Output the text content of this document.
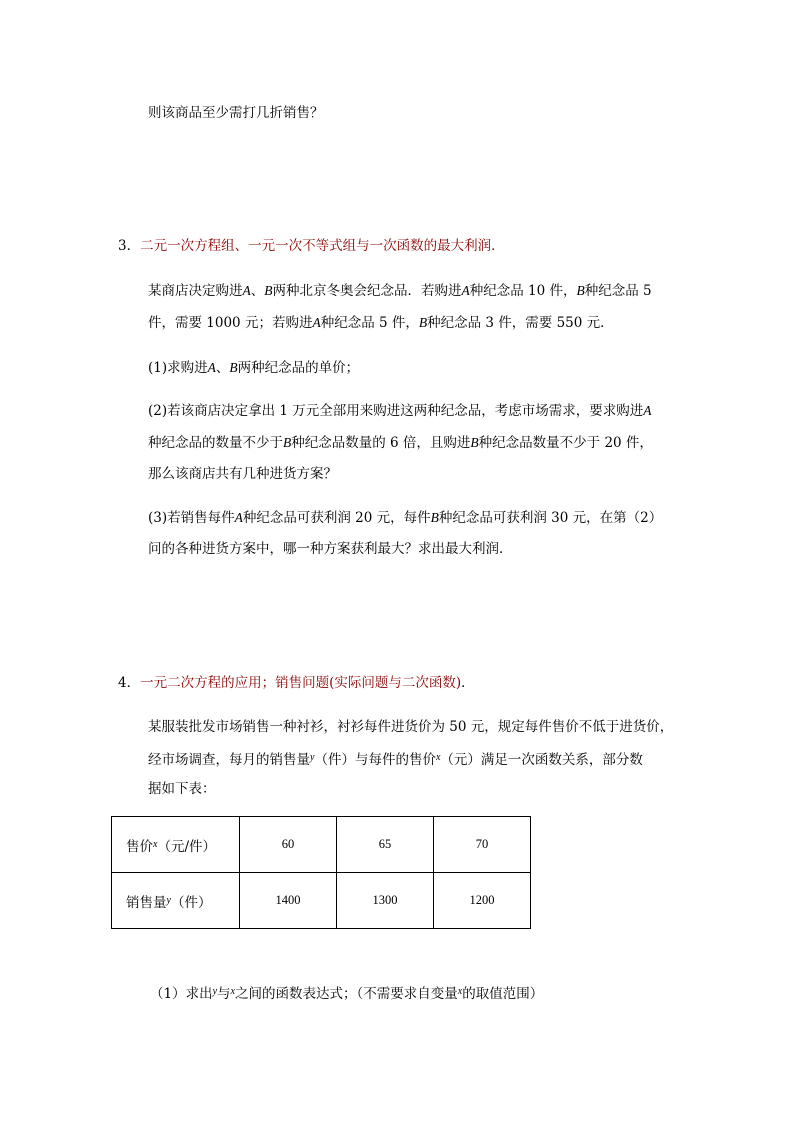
则该商品至少需打几折销售？
3．二元一次方程组、一元一次不等式组与一次函数的最大利润．
某商店决定购进A、B两种北京冬奥会纪念品．若购进A种纪念品 10 件，B种纪念品 5
件，需要 1000 元；若购进A种纪念品 5 件，B种纪念品 3 件，需要 550 元．
(1)求购进A、B两种纪念品的单价；
(2)若该商店决定拿出 1 万元全部用来购进这两种纪念品，考虑市场需求，要求购进A
种纪念品的数量不少于B种纪念品数量的 6 倍，且购进B种纪念品数量不少于 20 件，
那么该商店共有几种进货方案？
(3)若销售每件A种纪念品可获利润 20 元，每件B种纪念品可获利润 30 元，在第（2）
问的各种进货方案中，哪一种方案获利最大？求出最大利润．
4．一元二次方程的应用；销售问题(实际问题与二次函数)．
某服装批发市场销售一种衬衫，衬衫每件进货价为 50 元，规定每件售价不低于进货价，
经市场调查，每月的销售量$^y$（件）与每件的售价$^x$（元）满足一次函数关系，部分数
据如下表：
售价$^x$（元/件）	60	65	70
销售量$^y$（件）	1400	1300	1200
（1）求出$^y$与$^x$之间的函数表达式；（不需要求自变量$^x$的取值范围）
